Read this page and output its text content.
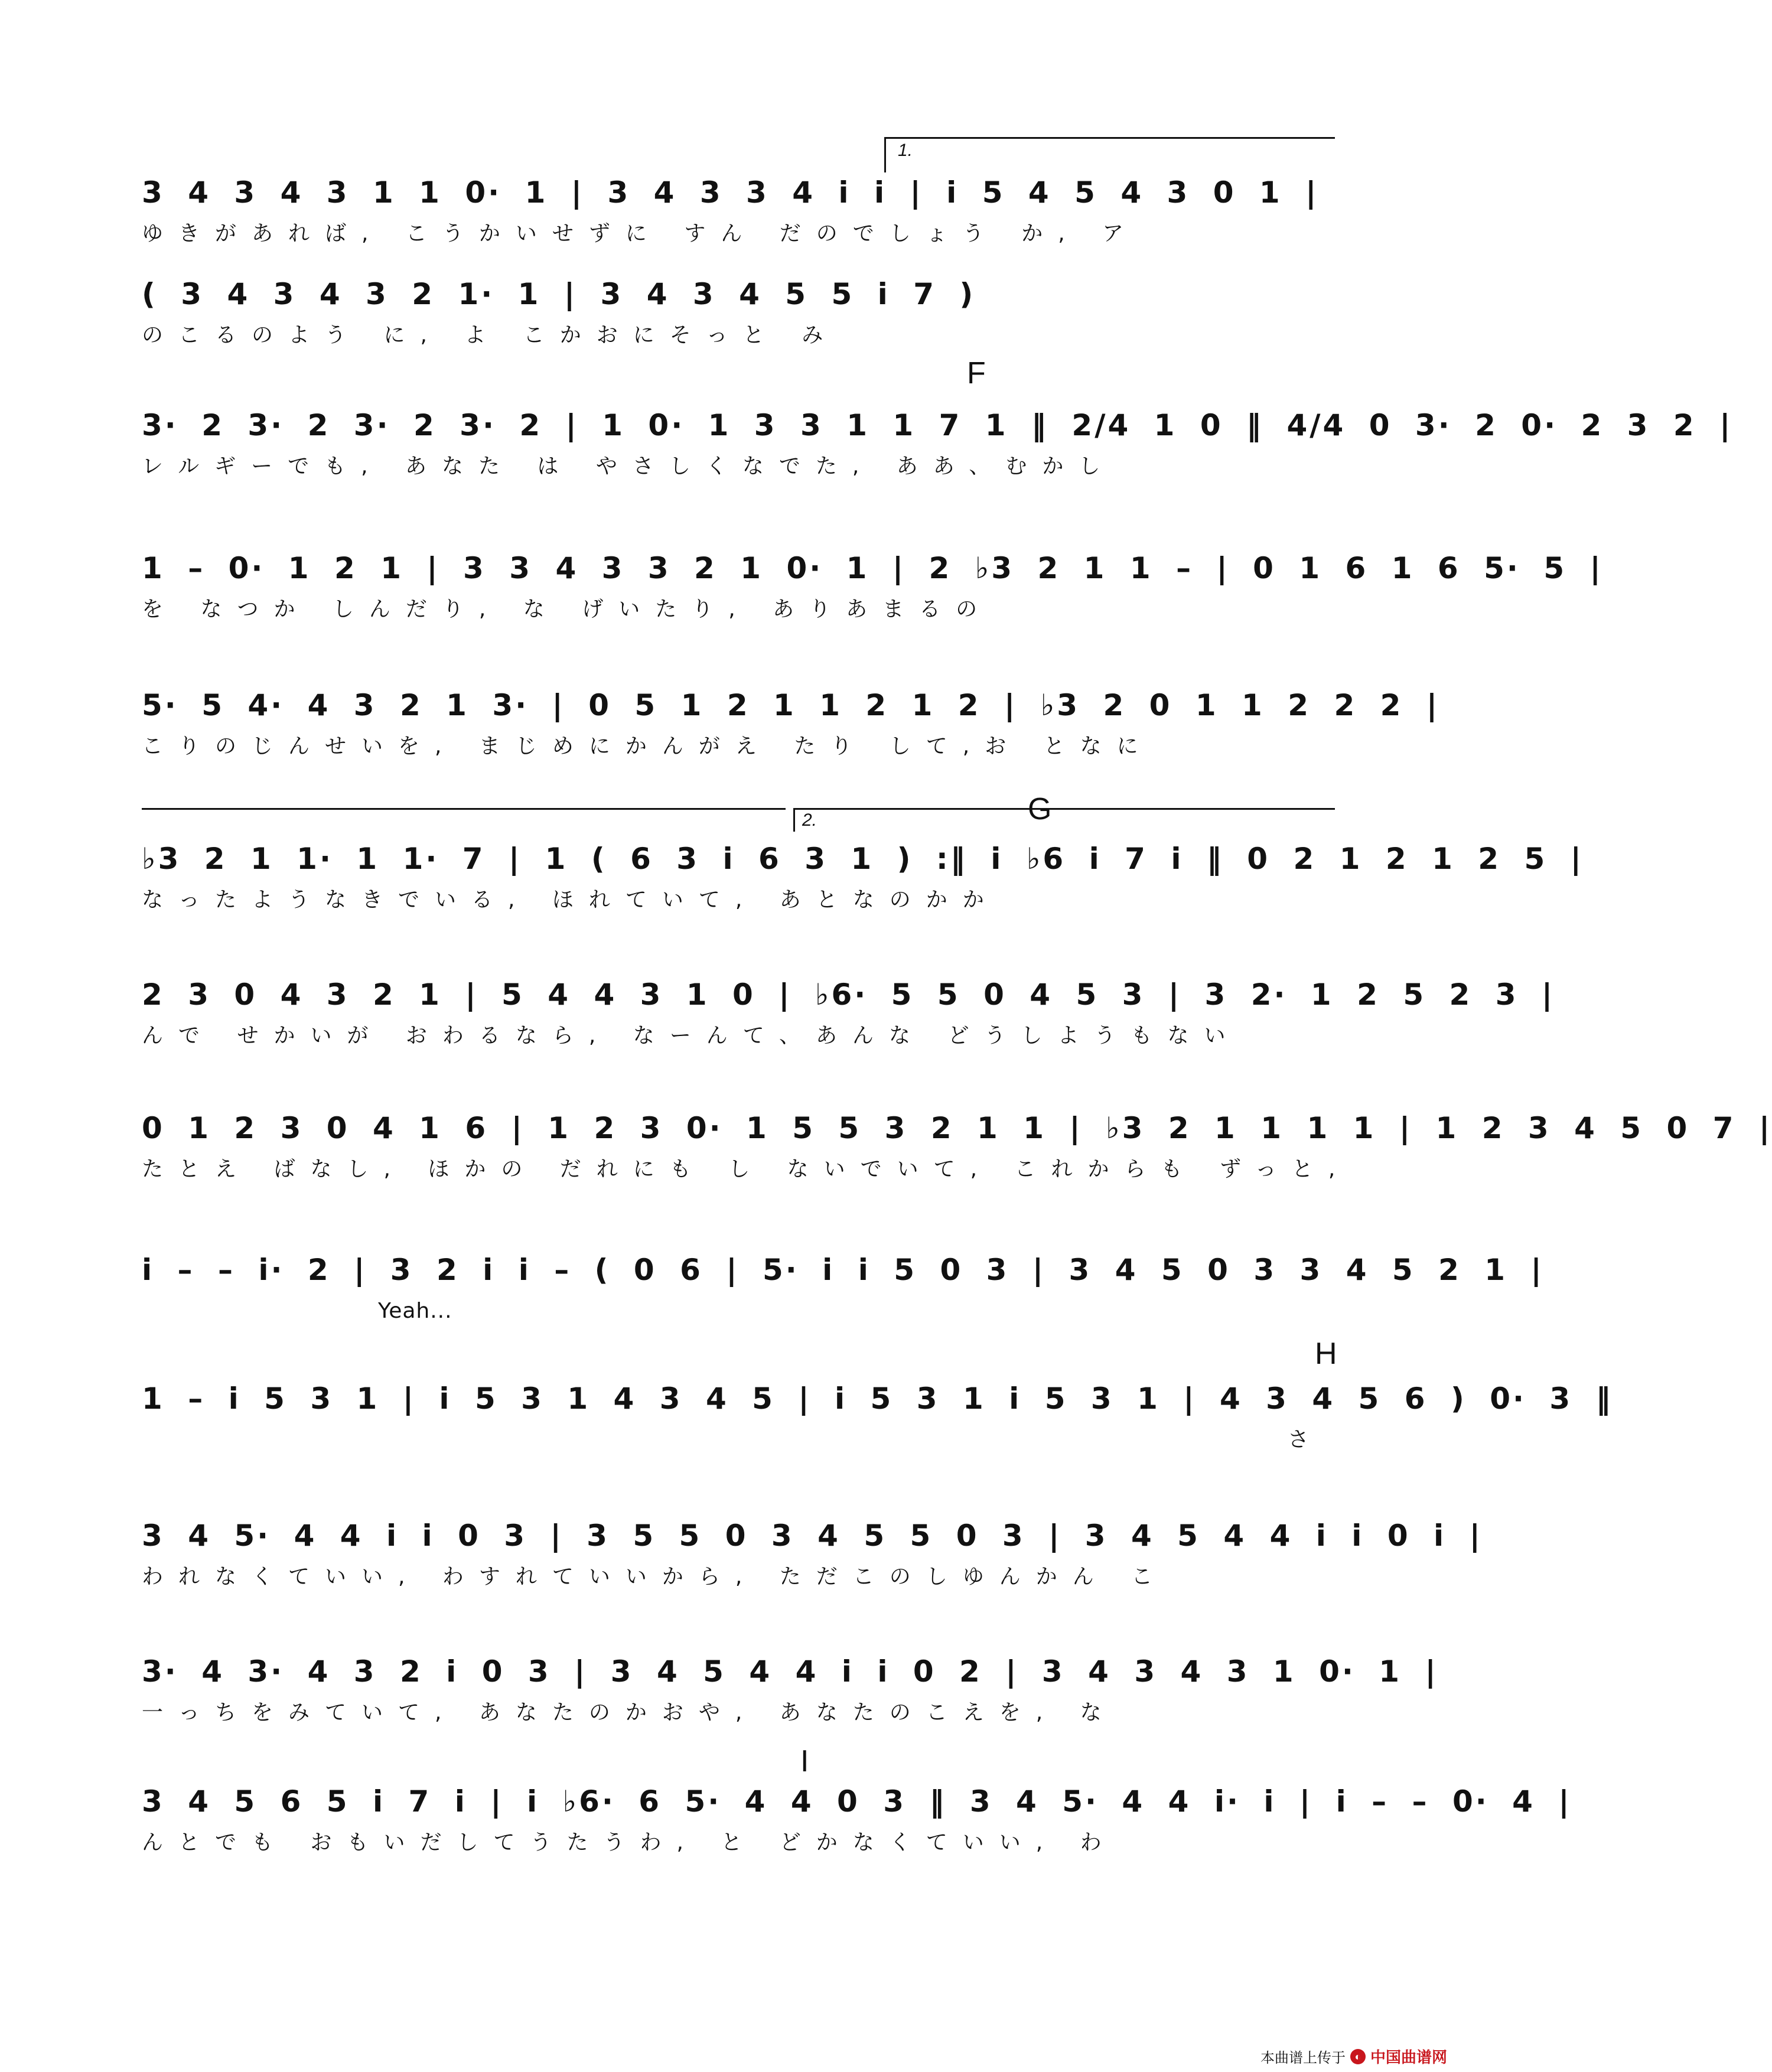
1.
F
2.	G
H
I
3 4 3 4 3 1 1 0· 1 | 3 4 3 3 4 i i | i 5 4 5 4 3 0 1 |
ゆきがあれば, こうかいせずに すん だのでしょう か, ア
( 3 4 3 4 3 2 1· 1 | 3 4 3 4 5 5 i 7 )
のこるのよう に, よ こかおにそっと み
3· 2 3· 2 3· 2 3· 2 | 1 0· 1 3 3 1 1 7 1 ‖ 2/4 1 0 ‖ 4/4 0 3· 2 0· 2 3 2 |
レルギーでも, あなた は やさしくなでた, ああ、むかし
1 – 0· 1 2 1 | 3 3 4 3 3 2 1 0· 1 | 2 ♭3 2 1 1 – | 0 1 6 1 6 5· 5 |
を なつか しんだり, な げいたり, ありあまるの
5· 5 4· 4 3 2 1 3· | 0 5 1 2 1 1 2 1 2 | ♭3 2 0 1 1 2 2 2 |
こりのじんせいを, まじめにかんがえ たり して,お となに
♭3 2 1 1· 1 1· 7 | 1 ( 6 3 i 6 3 1 ) :‖ i ♭6 i 7 i ‖ 0 2 1 2 1 2 5 |
なったようなきでいる, ほれていて, あとなのかか
2 3 0 4 3 2 1 | 5 4 4 3 1 0 | ♭6· 5 5 0 4 5 3 | 3 2· 1 2 5 2 3 |
んで せかいが おわるなら, なーんて、あんな どうしようもない
0 1 2 3 0 4 1 6 | 1 2 3 0· 1 5 5 3 2 1 1 | ♭3 2 1 1 1 1 | 1 2 3 4 5 0 7 |
たとえ ばなし, ほかの だれにも し ないでいて, これからも ずっと,
i – – i· 2 | 3 2 i i – ( 0 6 | 5· i i 5 0 3 | 3 4 5 0 3 3 4 5 2 1 |
Yeah...
1 – i 5 3 1 | i 5 3 1 4 3 4 5 | i 5 3 1 i 5 3 1 | 4 3 4 5 6 ) 0· 3 ‖
さ
3 4 5· 4 4 i i 0 3 | 3 5 5 0 3 4 5 5 0 3 | 3 4 5 4 4 i i 0 i |
われなくていい, わすれていいから, ただこのしゆんかん こ
3· 4 3· 4 3 2 i 0 3 | 3 4 5 4 4 i i 0 2 | 3 4 3 4 3 1 0· 1 |
一っちをみていて, あなたのかおや, あなたのこえを, な
3 4 5 6 5 i 7 i | i ♭6· 6 5· 4 4 0 3 ‖ 3 4 5· 4 4 i· i | i – – 0· 4 |
んとでも おもいだしてうたうわ, と どかなくていい, わ
本曲谱上传于 ◐ 中国曲谱网
